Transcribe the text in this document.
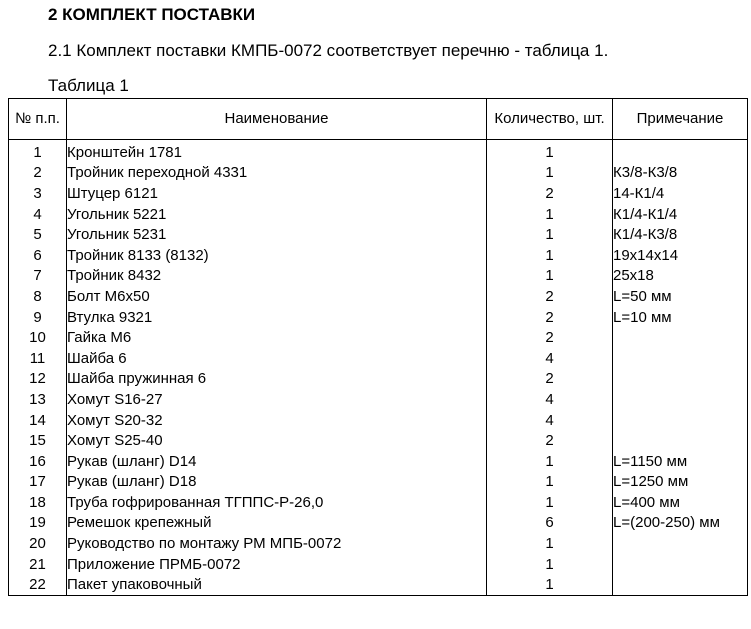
2 КОМПЛЕКТ ПОСТАВКИ
2.1 Комплект поставки КМПБ-0072 соответствует перечню - таблица 1.
Таблица 1
№ п.п.	Наименование	Количество, шт.	Примечание
1	Кронштейн 1781	1	
2	Тройник переходной 4331	1	К3/8-К3/8
3	Штуцер 6121	2	14-К1/4
4	Угольник 5221	1	К1/4-К1/4
5	Угольник 5231	1	К1/4-К3/8
6	Тройник 8133 (8132)	1	19х14х14
7	Тройник 8432	1	25х18
8	Болт М6х50	2	L=50 мм
9	Втулка 9321	2	L=10 мм
10	Гайка М6	2	
11	Шайба 6	4	
12	Шайба пружинная 6	2	
13	Хомут S16-27	4	
14	Хомут S20-32	4	
15	Хомут S25-40	2	
16	Рукав (шланг) D14	1	L=1150 мм
17	Рукав (шланг) D18	1	L=1250 мм
18	Труба гофрированная ТГППС-Р-26,0	1	L=400 мм
19	Ремешок крепежный	6	L=(200-250) мм
20	Руководство по монтажу РМ МПБ-0072	1	
21	Приложение ПРМБ-0072	1	
22	Пакет упаковочный	1	
